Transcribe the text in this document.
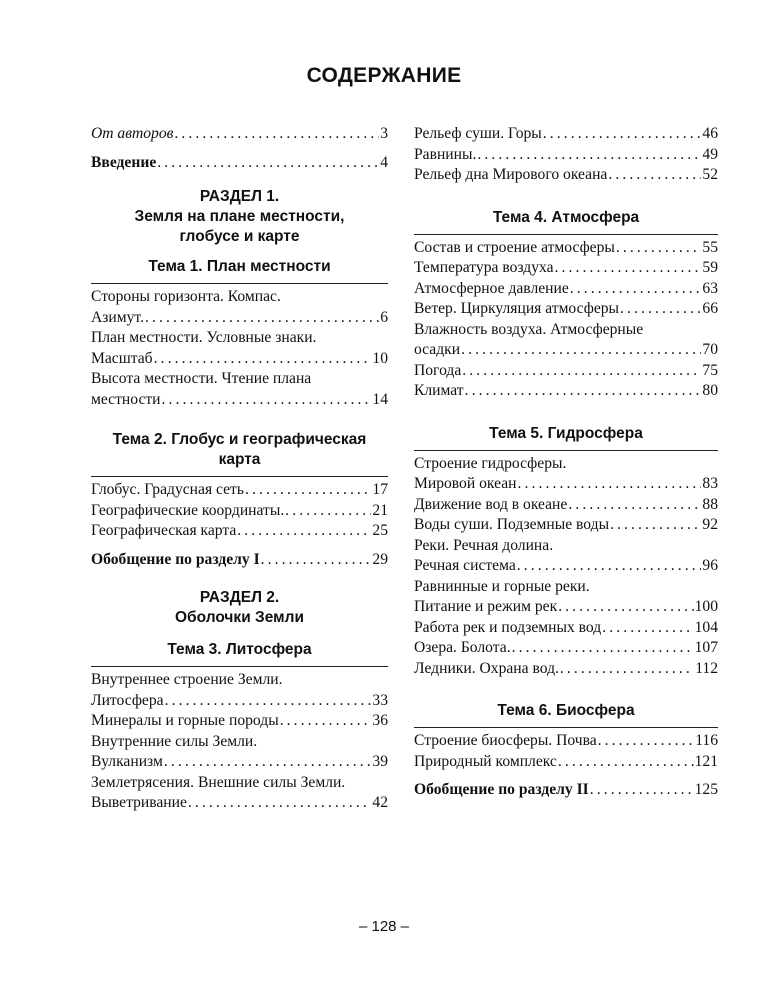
СОДЕРЖАНИЕ
От авторов . . .	3
Введение . . .	4
РАЗДЕЛ 1.
Земля на плане местности,
глобусе и карте
Тема 1. План местности
Стороны горизонта. Компас.
Азимут. . . .	6
План местности. Условные знаки.
Масштаб . . .	10
Высота местности. Чтение плана
местности . . .	14
Тема 2. Глобус и географическая
карта
Глобус. Градусная сеть . . .	17
Географические координаты. . . .	21
Географическая карта . . .	25
Обобщение по разделу I . . .	29
РАЗДЕЛ 2.
Оболочки Земли
Тема 3. Литосфера
Внутреннее строение Земли.
Литосфера . . .	33
Минералы и горные породы . . .	36
Внутренние силы Земли.
Вулканизм . . .	39
Землетрясения. Внешние силы Земли.
Выветривание . . .	42
Рельеф суши. Горы . . .	46
Равнины. . . .	49
Рельеф дна Мирового океана . . .	52
Тема 4. Атмосфера
Состав и строение атмосферы . . .	55
Температура воздуха . . .	59
Атмосферное давление . . .	63
Ветер. Циркуляция атмосферы . . .	66
Влажность воздуха. Атмосферные
осадки . . .	70
Погода . . .	75
Климат . . .	80
Тема 5. Гидросфера
Строение гидросферы.
Мировой океан . . .	83
Движение вод в океане . . .	88
Воды суши. Подземные воды . . .	92
Реки. Речная долина.
Речная система . . .	96
Равнинные и горные реки.
Питание и режим рек . . .	100
Работа рек и подземных вод . . .	104
Озера. Болота. . . .	107
Ледники. Охрана вод. . . .	112
Тема 6. Биосфера
Строение биосферы. Почва . . .	116
Природный комплекс . . .	121
Обобщение по разделу II . . .	125
– 128 –
